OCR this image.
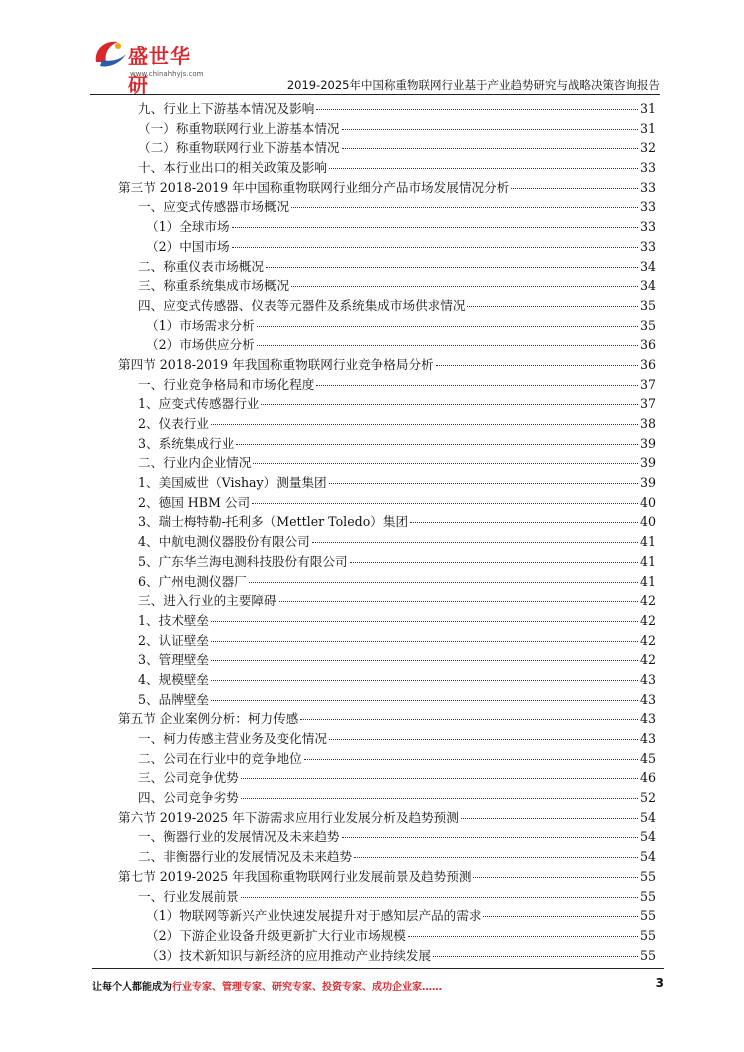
盛世华研
www.chinahhyjs.com
2019-2025年中国称重物联网行业基于产业趋势研究与战略决策咨询报告
九、行业上下游基本情况及影响	31
（一）称重物联网行业上游基本情况	31
（二）称重物联网行业下游基本情况	32
十、本行业出口的相关政策及影响	33
第三节 2018-2019 年中国称重物联网行业细分产品市场发展情况分析	33
一、应变式传感器市场概况	33
（1）全球市场	33
（2）中国市场	33
二、称重仪表市场概况	34
三、称重系统集成市场概况	34
四、应变式传感器、仪表等元器件及系统集成市场供求情况	35
（1）市场需求分析	35
（2）市场供应分析	36
第四节 2018-2019 年我国称重物联网行业竞争格局分析	36
一、行业竞争格局和市场化程度	37
1、应变式传感器行业	37
2、仪表行业	38
3、系统集成行业	39
二、行业内企业情况	39
1、美国威世（Vishay）测量集团	39
2、德国 HBM 公司	40
3、瑞士梅特勒-托利多（Mettler Toledo）集团	40
4、中航电测仪器股份有限公司	41
5、广东华兰海电测科技股份有限公司	41
6、广州电测仪器厂	41
三、进入行业的主要障碍	42
1、技术壁垒	42
2、认证壁垒	42
3、管理壁垒	42
4、规模壁垒	43
5、品牌壁垒	43
第五节 企业案例分析：柯力传感	43
一、柯力传感主营业务及变化情况	43
二、公司在行业中的竞争地位	45
三、公司竞争优势	46
四、公司竞争劣势	52
第六节 2019-2025 年下游需求应用行业发展分析及趋势预测	54
一、衡器行业的发展情况及未来趋势	54
二、非衡器行业的发展情况及未来趋势	54
第七节 2019-2025 年我国称重物联网行业发展前景及趋势预测	55
一、行业发展前景	55
（1）物联网等新兴产业快速发展提升对于感知层产品的需求	55
（2）下游企业设备升级更新扩大行业市场规模	55
（3）技术新知识与新经济的应用推动产业持续发展	55
让每个人都能成为行业专家、管理专家、研究专家、投资专家、成功企业家……	3
